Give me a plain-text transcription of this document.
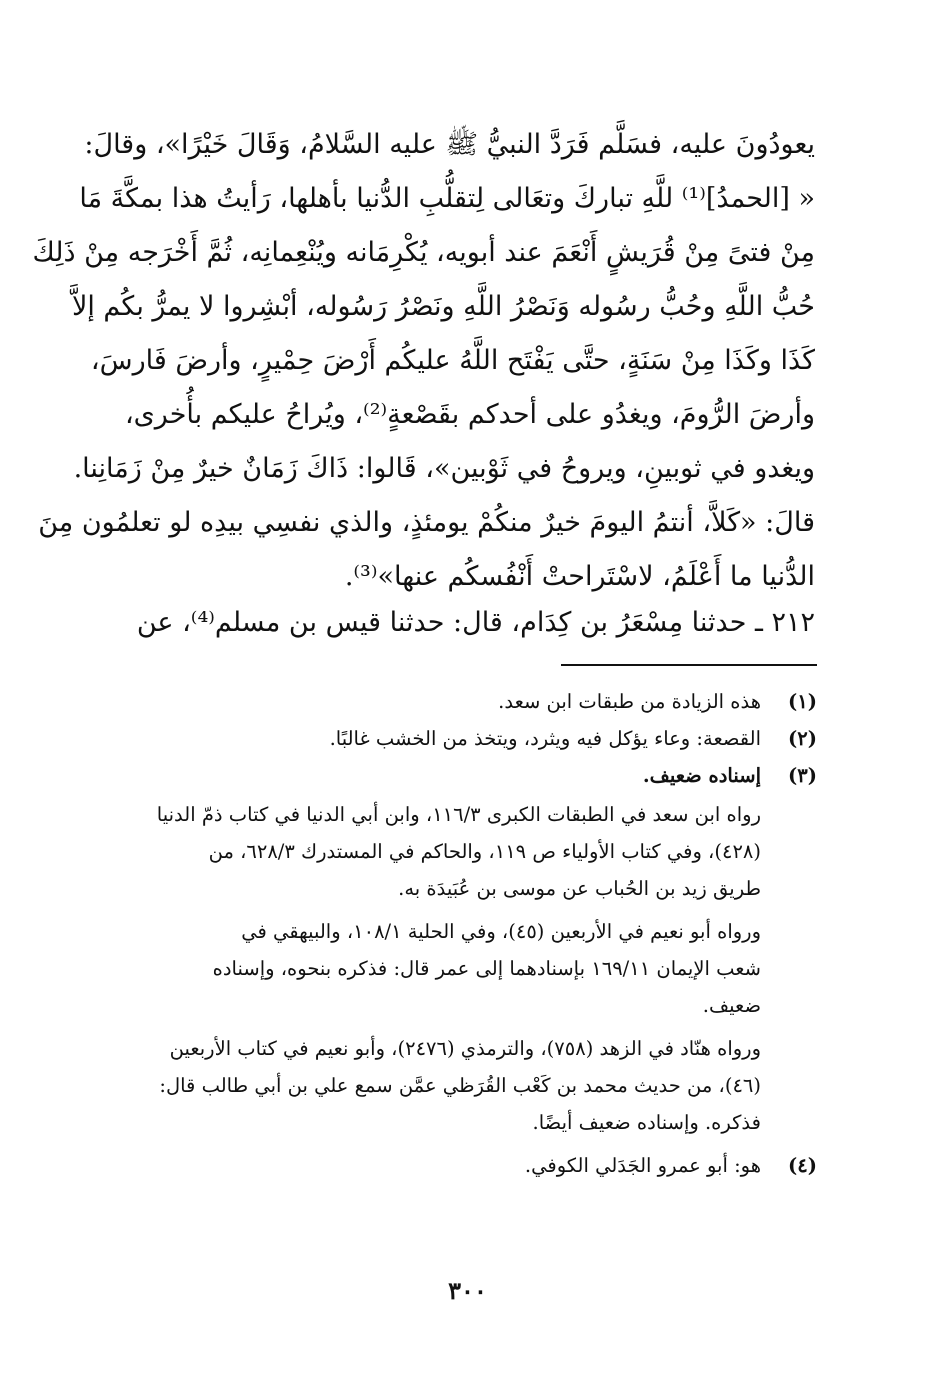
يعودُونَ عليه، فسَلَّم فَرَدَّ النبيُّ ﷺ عليه السَّلامُ، وَقَالَ خَيْرًا»، وقالَ:
« [الحمدُ]⁽¹⁾ للَّهِ تباركَ وتعَالى لِتقلُّبِ الدُّنيا بأهلها، رَأيتُ هذا بمكَّةَ مَا
مِنْ فتىً مِنْ قُرَيشٍ أَنْعَمَ عند أبويه، يُكْرِمَانه ويُنْعِمانِه، ثُمَّ أَخْرَجه مِنْ ذَلِكَ
حُبُّ اللَّهِ وحُبُّ رسُوله وَنَصْرُ اللَّهِ ونَصْرُ رَسُوله، أبْشِروا لا يمرُّ بكُم إلاَّ
كَذَا وكَذَا مِنْ سَنَةٍ، حتَّى يَفْتَح اللَّهُ عليكُم أَرْضَ حِمْيرٍ، وأرضَ فَارسَ،
وأرضَ الرُّومَ، ويغدُو على أحدكم بقَصْعةٍ⁽²⁾، ويُراحُ عليكم بأُخرى،
ويغدو في ثوبينِ، ويروحُ في ثَوْبين»، قَالوا: ذَاكَ زَمَانٌ خيرٌ مِنْ زَمَانِنا.
قالَ: «كَلاَّ، أنتمُ اليومَ خيرٌ منكُمْ يومئذٍ، والذي نفسِي بيدِه لو تعلمُون مِنَ
الدُّنيا ما أَعْلَمُ، لاسْتَراحتْ أَنْفُسكُم عنها»⁽³⁾.
٢١٢ ـ حدثنا مِسْعَرُ بن كِدَام، قال: حدثنا قيس بن مسلم⁽⁴⁾، عن
(١)
هذه الزيادة من طبقات ابن سعد.
(٢)
القصعة: وعاء يؤكل فيه ويثرد، ويتخذ من الخشب غالبًا.
(٣)
إسناده ضعيف.
رواه ابن سعد في الطبقات الكبرى ١١٦/٣، وابن أبي الدنيا في كتاب ذمّ الدنيا
(٤٢٨)، وفي كتاب الأولياء ص ١١٩، والحاكم في المستدرك ٦٢٨/٣، من
طريق زيد بن الحُباب عن موسى بن عُبَيدَة به.
ورواه أبو نعيم في الأربعين (٤٥)، وفي الحلية ١٠٨/١، والبيهقي في
شعب الإيمان ١٦٩/١١ بإسنادهما إلى عمر قال: فذكره بنحوه، وإسناده
ضعيف.
ورواه هنّاد في الزهد (٧٥٨)، والترمذي (٢٤٧٦)، وأبو نعيم في كتاب الأربعين
(٤٦)، من حديث محمد بن كَعْب القُرَظي عمَّن سمع علي بن أبي طالب قال:
فذكره. وإسناده ضعيف أيضًا.
(٤)
هو: أبو عمرو الجَدَلي الكوفي.
٣٠٠
